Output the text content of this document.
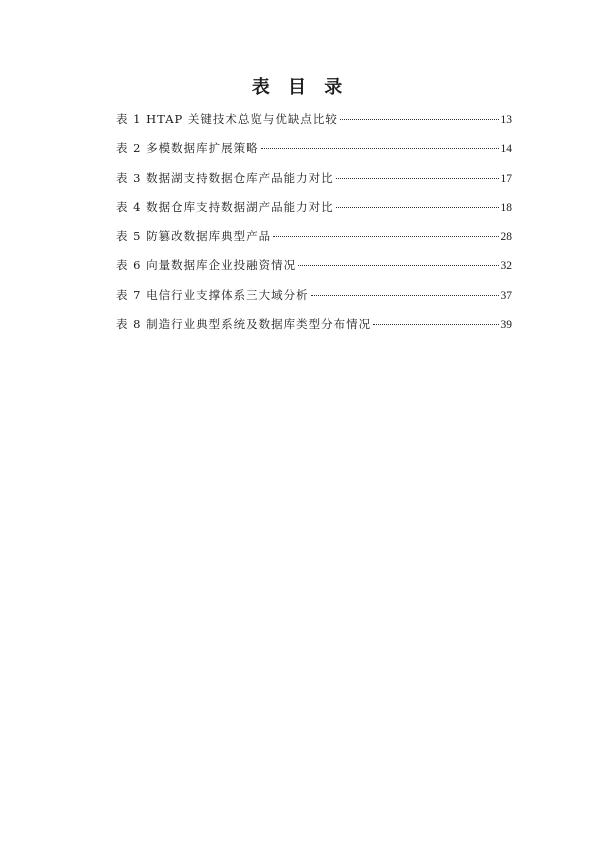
表 目 录
表 1 HTAP 关键技术总览与优缺点比较	13
表 2 多模数据库扩展策略	14
表 3 数据湖支持数据仓库产品能力对比	17
表 4 数据仓库支持数据湖产品能力对比	18
表 5 防篡改数据库典型产品	28
表 6 向量数据库企业投融资情况	32
表 7 电信行业支撑体系三大域分析	37
表 8 制造行业典型系统及数据库类型分布情况	39
